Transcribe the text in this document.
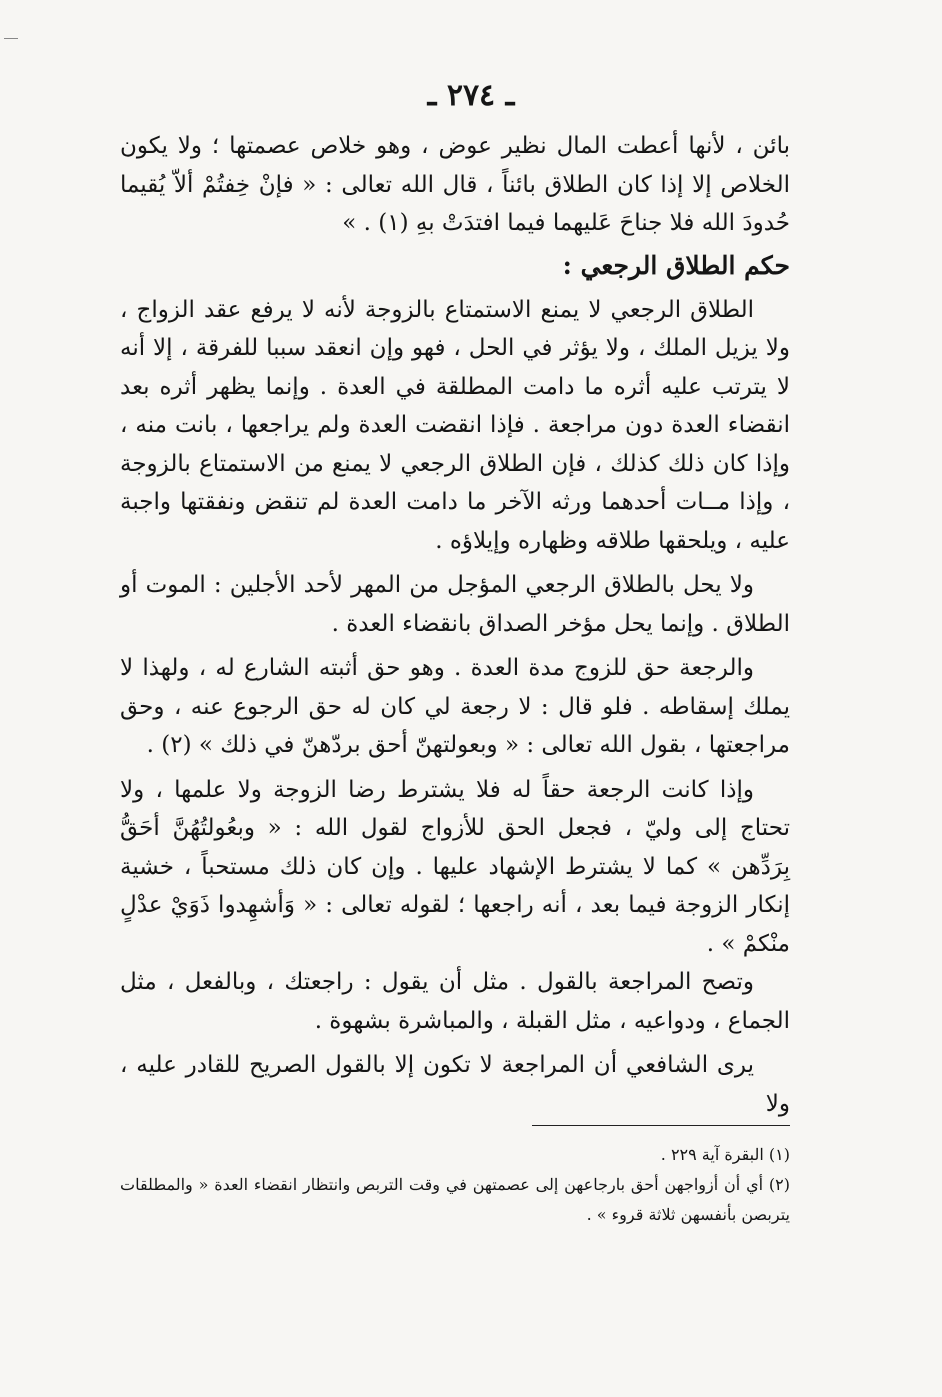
ـ ٢٧٤ ـ

بائن ، لأنها أعطت المال نظير عوض ، وهو خلاص عصمتها ؛ ولا يكون الخلاص إلا إذا كان الطلاق بائناً ، قال الله تعالى : « فإنْ خِفتُمْ ألاّ يُقيما حُدودَ الله فلا جناحَ عَليهما فيما افتدَتْ بهِ (١) . »

حكم الطلاق الرجعي :

الطلاق الرجعي لا يمنع الاستمتاع بالزوجة لأنه لا يرفع عقد الزواج ، ولا يزيل الملك ، ولا يؤثر في الحل ، فهو وإن انعقد سببا للفرقة ، إلا أنه لا يترتب عليه أثره ما دامت المطلقة في العدة . وإنما يظهر أثره بعد انقضاء العدة دون مراجعة . فإذا انقضت العدة ولم يراجعها ، بانت منه ، وإذا كان ذلك كذلك ، فإن الطلاق الرجعي لا يمنع من الاستمتاع بالزوجة ، وإذا مــات أحدهما ورثه الآخر ما دامت العدة لم تنقض ونفقتها واجبة عليه ، ويلحقها طلاقه وظهاره وإيلاؤه .

ولا يحل بالطلاق الرجعي المؤجل من المهر لأحد الأجلين : الموت أو الطلاق . وإنما يحل مؤخر الصداق بانقضاء العدة .

والرجعة حق للزوج مدة العدة . وهو حق أثبته الشارع له ، ولهذا لا يملك إسقاطه . فلو قال : لا رجعة لي كان له حق الرجوع عنه ، وحق مراجعتها ، بقول الله تعالى : « وبعولتهنّ أحق بردّهنّ في ذلك » (٢) .

وإذا كانت الرجعة حقاً له فلا يشترط رضا الزوجة ولا علمها ، ولا تحتاج إلى وليّ ، فجعل الحق للأزواج لقول الله : « وبعُولتُهُنَّ أحَقُّ بِرَدِّهن » كما لا يشترط الإشهاد عليها . وإن كان ذلك مستحباً ، خشية إنكار الزوجة فيما بعد ، أنه راجعها ؛ لقوله تعالى : « وَأشهِدوا ذَوَيْ عدْلٍ منْكمْ » .

وتصح المراجعة بالقول . مثل أن يقول : راجعتك ، وبالفعل ، مثل الجماع ، ودواعيه ، مثل القبلة ، والمباشرة بشهوة .

يرى الشافعي أن المراجعة لا تكون إلا بالقول الصريح للقادر عليه ، ولا

(١) البقرة آية ٢٢٩ .

(٢) أي أن أزواجهن أحق بارجاعهن إلى عصمتهن في وقت التربص وانتظار انقضاء العدة « والمطلقات يتربصن بأنفسهن ثلاثة قروء » .
